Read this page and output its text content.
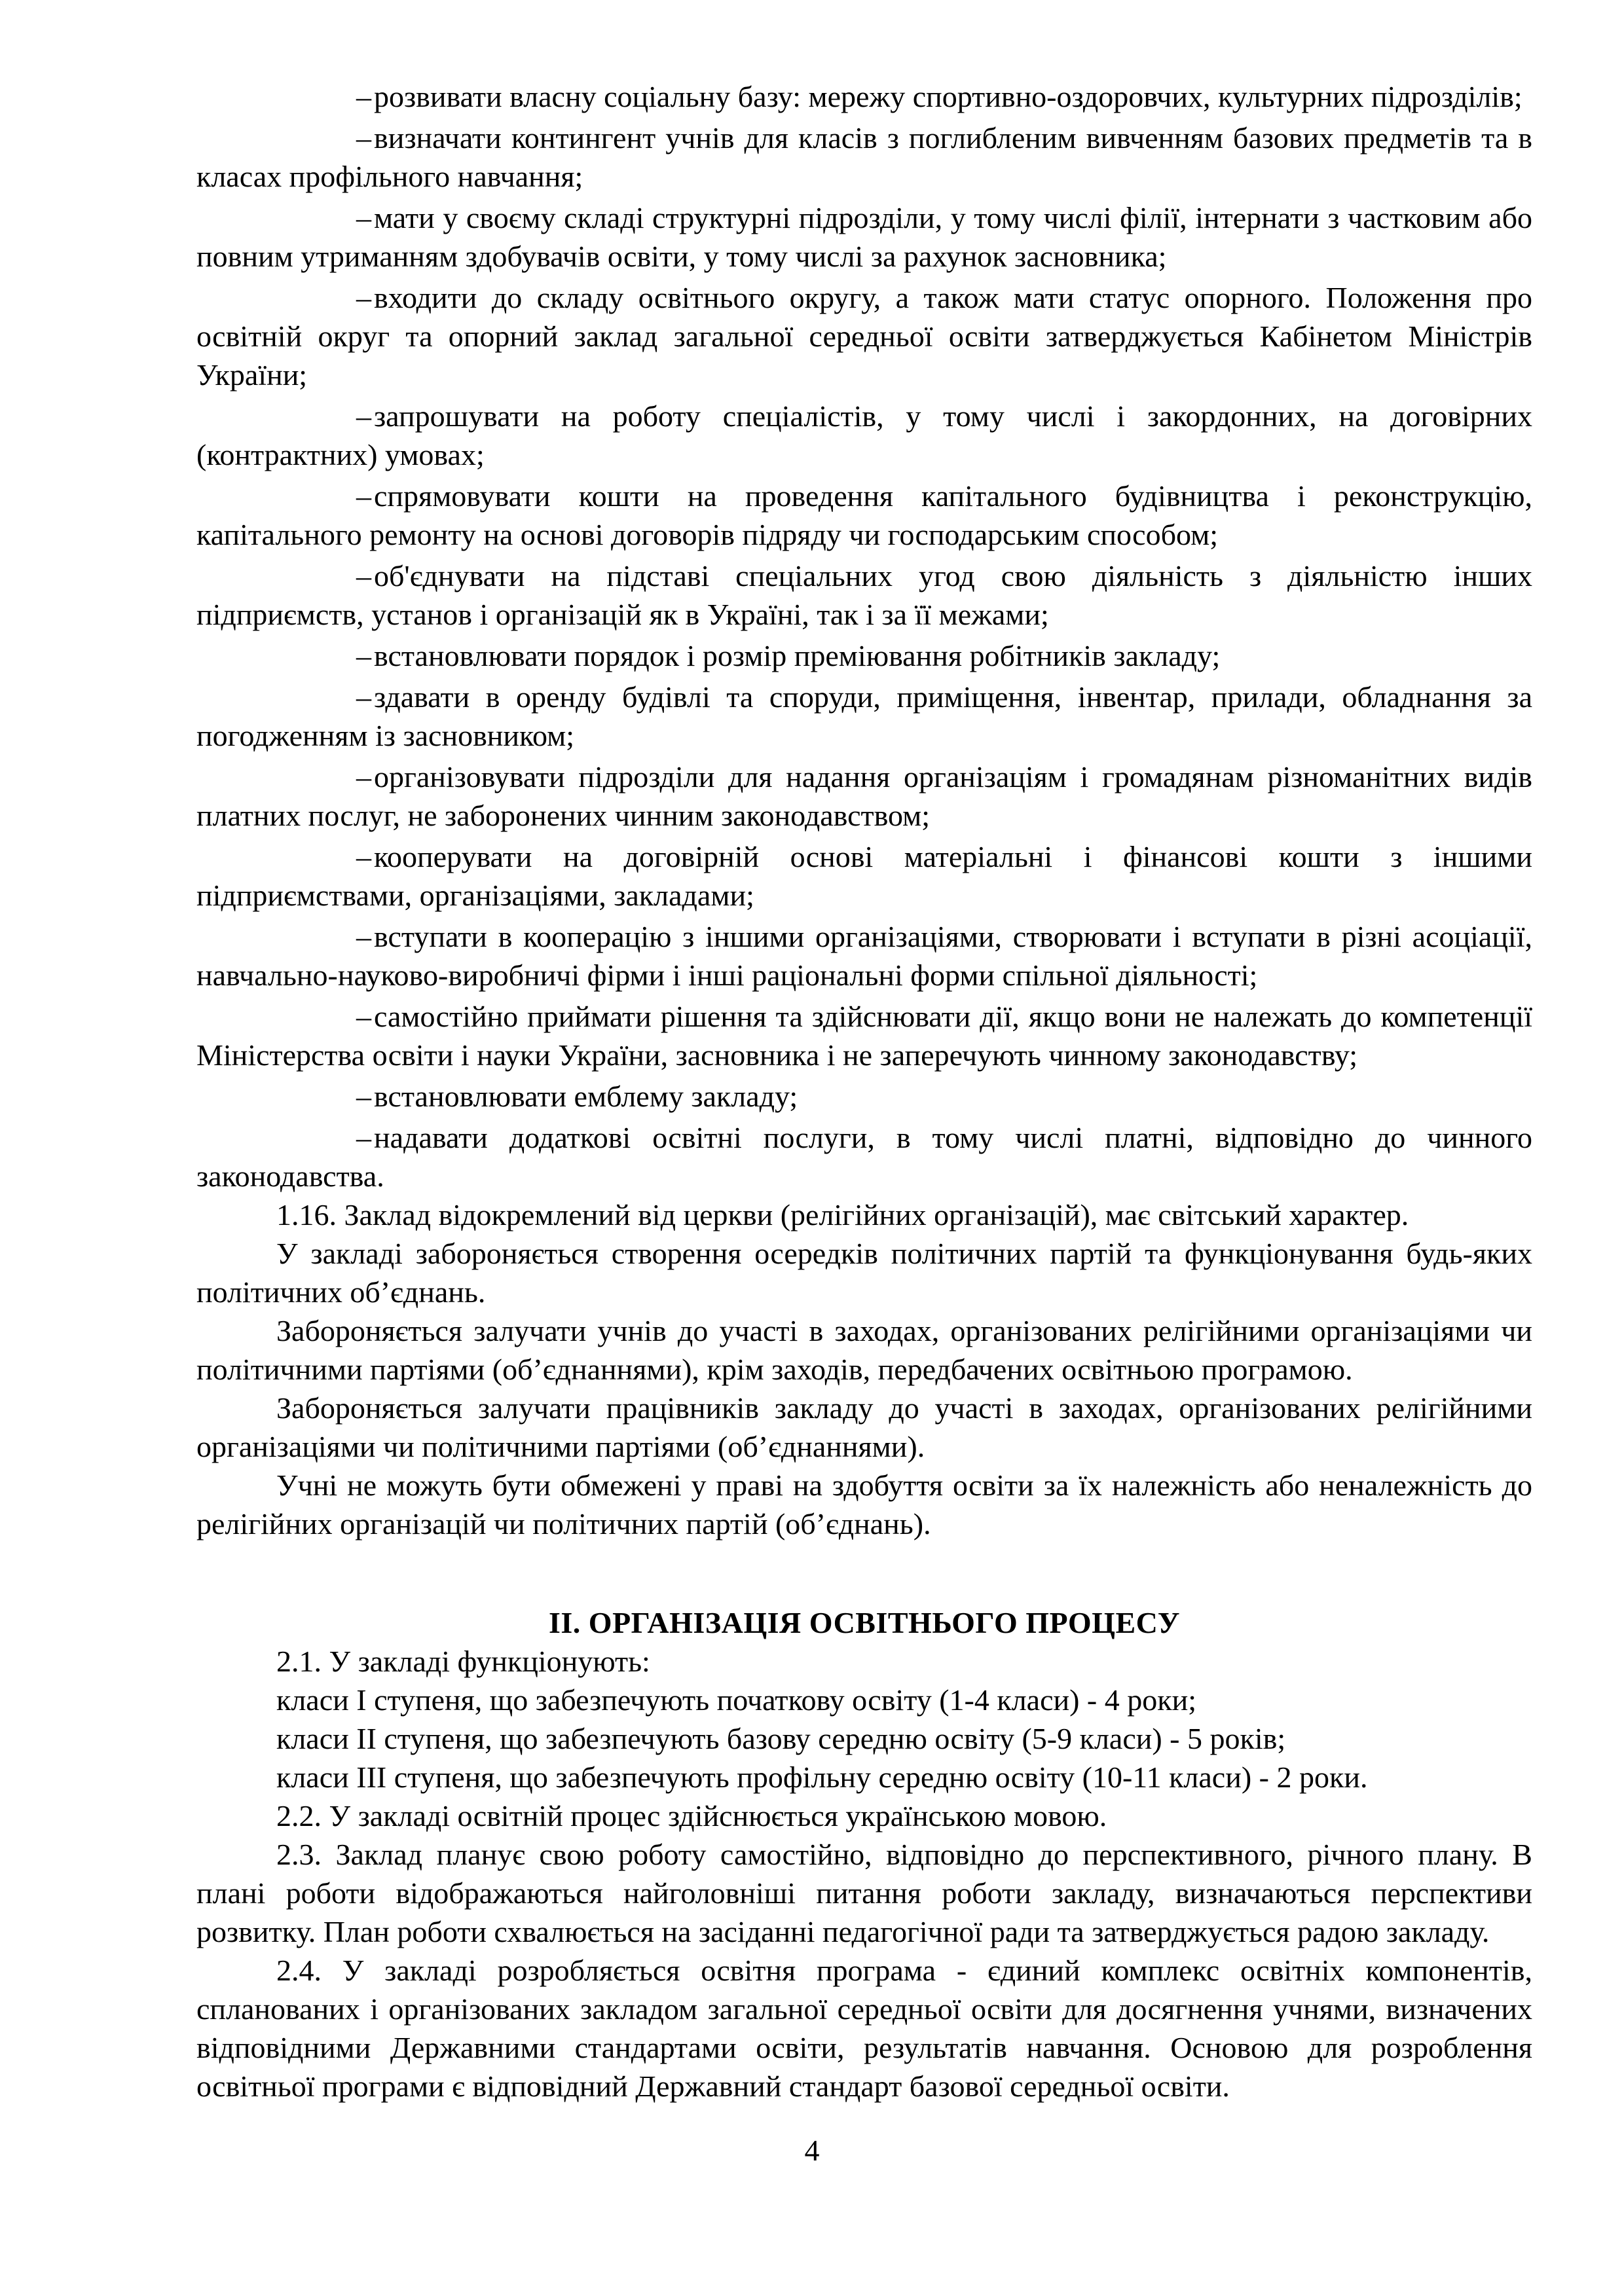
–розвивати власну соціальну базу: мережу спортивно-оздоровчих, культурних підрозділів;

–визначати контингент учнів для класів з поглибленим вивченням базових предметів та в класах профільного навчання;

–мати у своєму складі структурні підрозділи, у тому числі філії, інтернати з частковим або повним утриманням здобувачів освіти, у тому числі за рахунок засновника;

–входити до складу освітнього округу, а також мати статус опорного. Положення про освітній округ та опорний заклад загальної середньої освіти затверджується Кабінетом Міністрів України;

–запрошувати на роботу спеціалістів, у тому числі і закордонних, на договірних (контрактних) умовах;

–спрямовувати кошти на проведення капітального будівництва і реконструкцію, капітального ремонту на основі договорів підряду чи господарським способом;

–об'єднувати на підставі спеціальних угод свою діяльність з діяльністю інших підприємств, установ і організацій як в Україні, так і за її межами;

–встановлювати порядок і розмір преміювання робітників закладу;

–здавати в оренду будівлі та споруди, приміщення, інвентар, прилади, обладнання за погодженням із засновником;

–організовувати підрозділи для надання організаціям і громадянам різноманітних видів платних послуг, не заборонених чинним законодавством;

–кооперувати на договірній основі матеріальні і фінансові кошти з іншими підприємствами, організаціями, закладами;

–вступати в кооперацію з іншими організаціями, створювати і вступати в різні асоціації, навчально-науково-виробничі фірми і інші раціональні форми спільної діяльності;

–самостійно приймати рішення та здійснювати дії, якщо вони не належать до компетенції Міністерства освіти і науки України, засновника і не заперечують чинному законодавству;

–встановлювати емблему закладу;

–надавати додаткові освітні послуги, в тому числі платні, відповідно до чинного законодавства.

1.16. Заклад відокремлений від церкви (релігійних організацій), має світський характер.

У закладі забороняється створення осередків політичних партій та функціонування будь-яких політичних об’єднань.

Забороняється залучати учнів до участі в заходах, організованих релігійними організаціями чи політичними партіями (об’єднаннями), крім заходів, передбачених освітньою програмою.

Забороняється залучати працівників закладу до участі в заходах, організованих релігійними організаціями чи політичними партіями (об’єднаннями).

Учні не можуть бути обмежені у праві на здобуття освіти за їх належність або неналежність до релігійних організацій чи політичних партій (об’єднань).

ІІ. ОРГАНІЗАЦІЯ ОСВІТНЬОГО ПРОЦЕСУ

2.1. У закладі функціонують:

класи І ступеня, що забезпечують початкову освіту (1-4 класи) - 4 роки;

класи ІІ ступеня, що забезпечують базову середню освіту (5-9 класи) - 5 років;

класи ІІІ ступеня, що забезпечують профільну середню освіту (10-11 класи) - 2 роки.

2.2. У закладі освітній процес здійснюється українською мовою.

2.3. Заклад планує свою роботу самостійно, відповідно до перспективного, річного плану. В плані роботи відображаються найголовніші питання роботи закладу, визначаються перспективи розвитку. План роботи схвалюється на засіданні педагогічної ради та затверджується радою закладу.

2.4. У закладі розробляється освітня програма - єдиний комплекс освітніх компонентів, спланованих і організованих закладом загальної середньої освіти для досягнення учнями, визначених відповідними Державними стандартами освіти, результатів навчання. Основою для розроблення освітньої програми є відповідний Державний стандарт базової середньої освіти.

4
